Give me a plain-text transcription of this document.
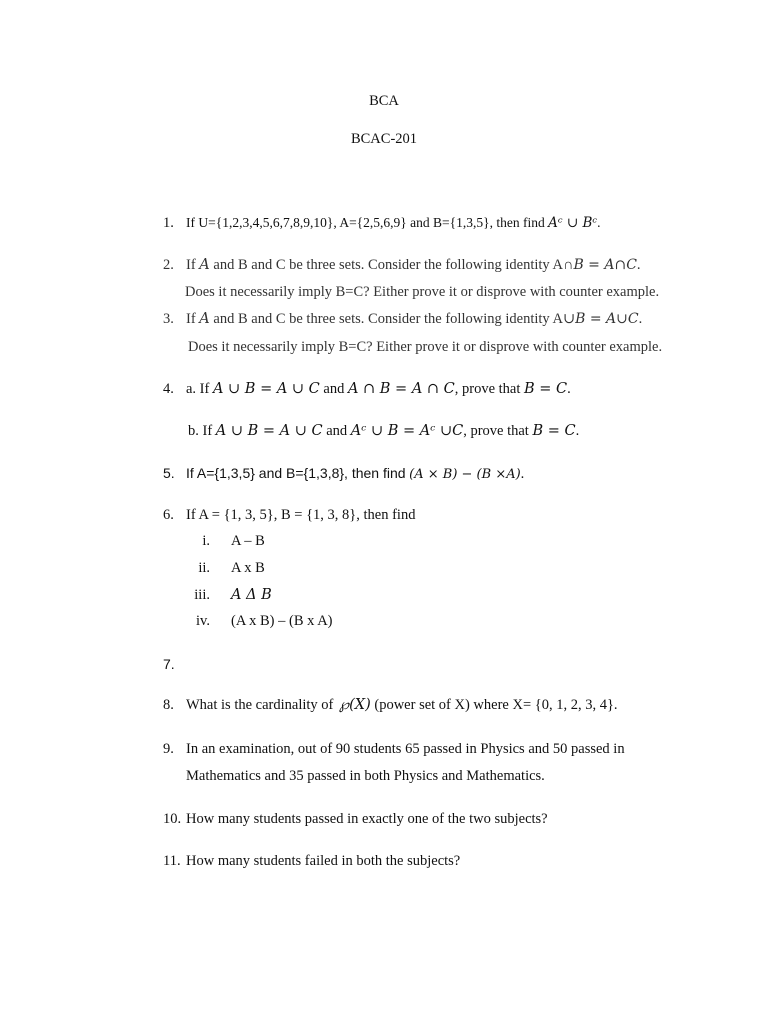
BCA
BCAC-201
1. If U={1,2,3,4,5,6,7,8,9,10}, A={2,5,6,9} and B={1,3,5}, then find Aᶜ ∪ Bᶜ.
2. If A and B and C be three sets. Consider the following identity A∩B = A∩C.
Does it necessarily imply B=C? Either prove it or disprove with counter example.
3. If A and B and C be three sets. Consider the following identity A∪B = A∪C.
Does it necessarily imply B=C? Either prove it or disprove with counter example.
4. a. If A ∪ B = A ∪ C and A ∩ B = A ∩ C, prove that B = C.
b. If A ∪ B = A ∪ C and Aᶜ ∪ B = Aᶜ ∪C, prove that B = C.
5. If A={1,3,5} and B={1,3,8}, then find (A × B) − (B ×A).
6. If A = {1, 3, 5}, B = {1, 3, 8}, then find
i. A – B
ii. A x B
iii. A Δ B
iv. (A x B) – (B x A)
7.
8. What is the cardinality of ℘(X) (power set of X) where X= {0, 1, 2, 3, 4}.
9. In an examination, out of 90 students 65 passed in Physics and 50 passed in
Mathematics and 35 passed in both Physics and Mathematics.
10. How many students passed in exactly one of the two subjects?
11. How many students failed in both the subjects?
